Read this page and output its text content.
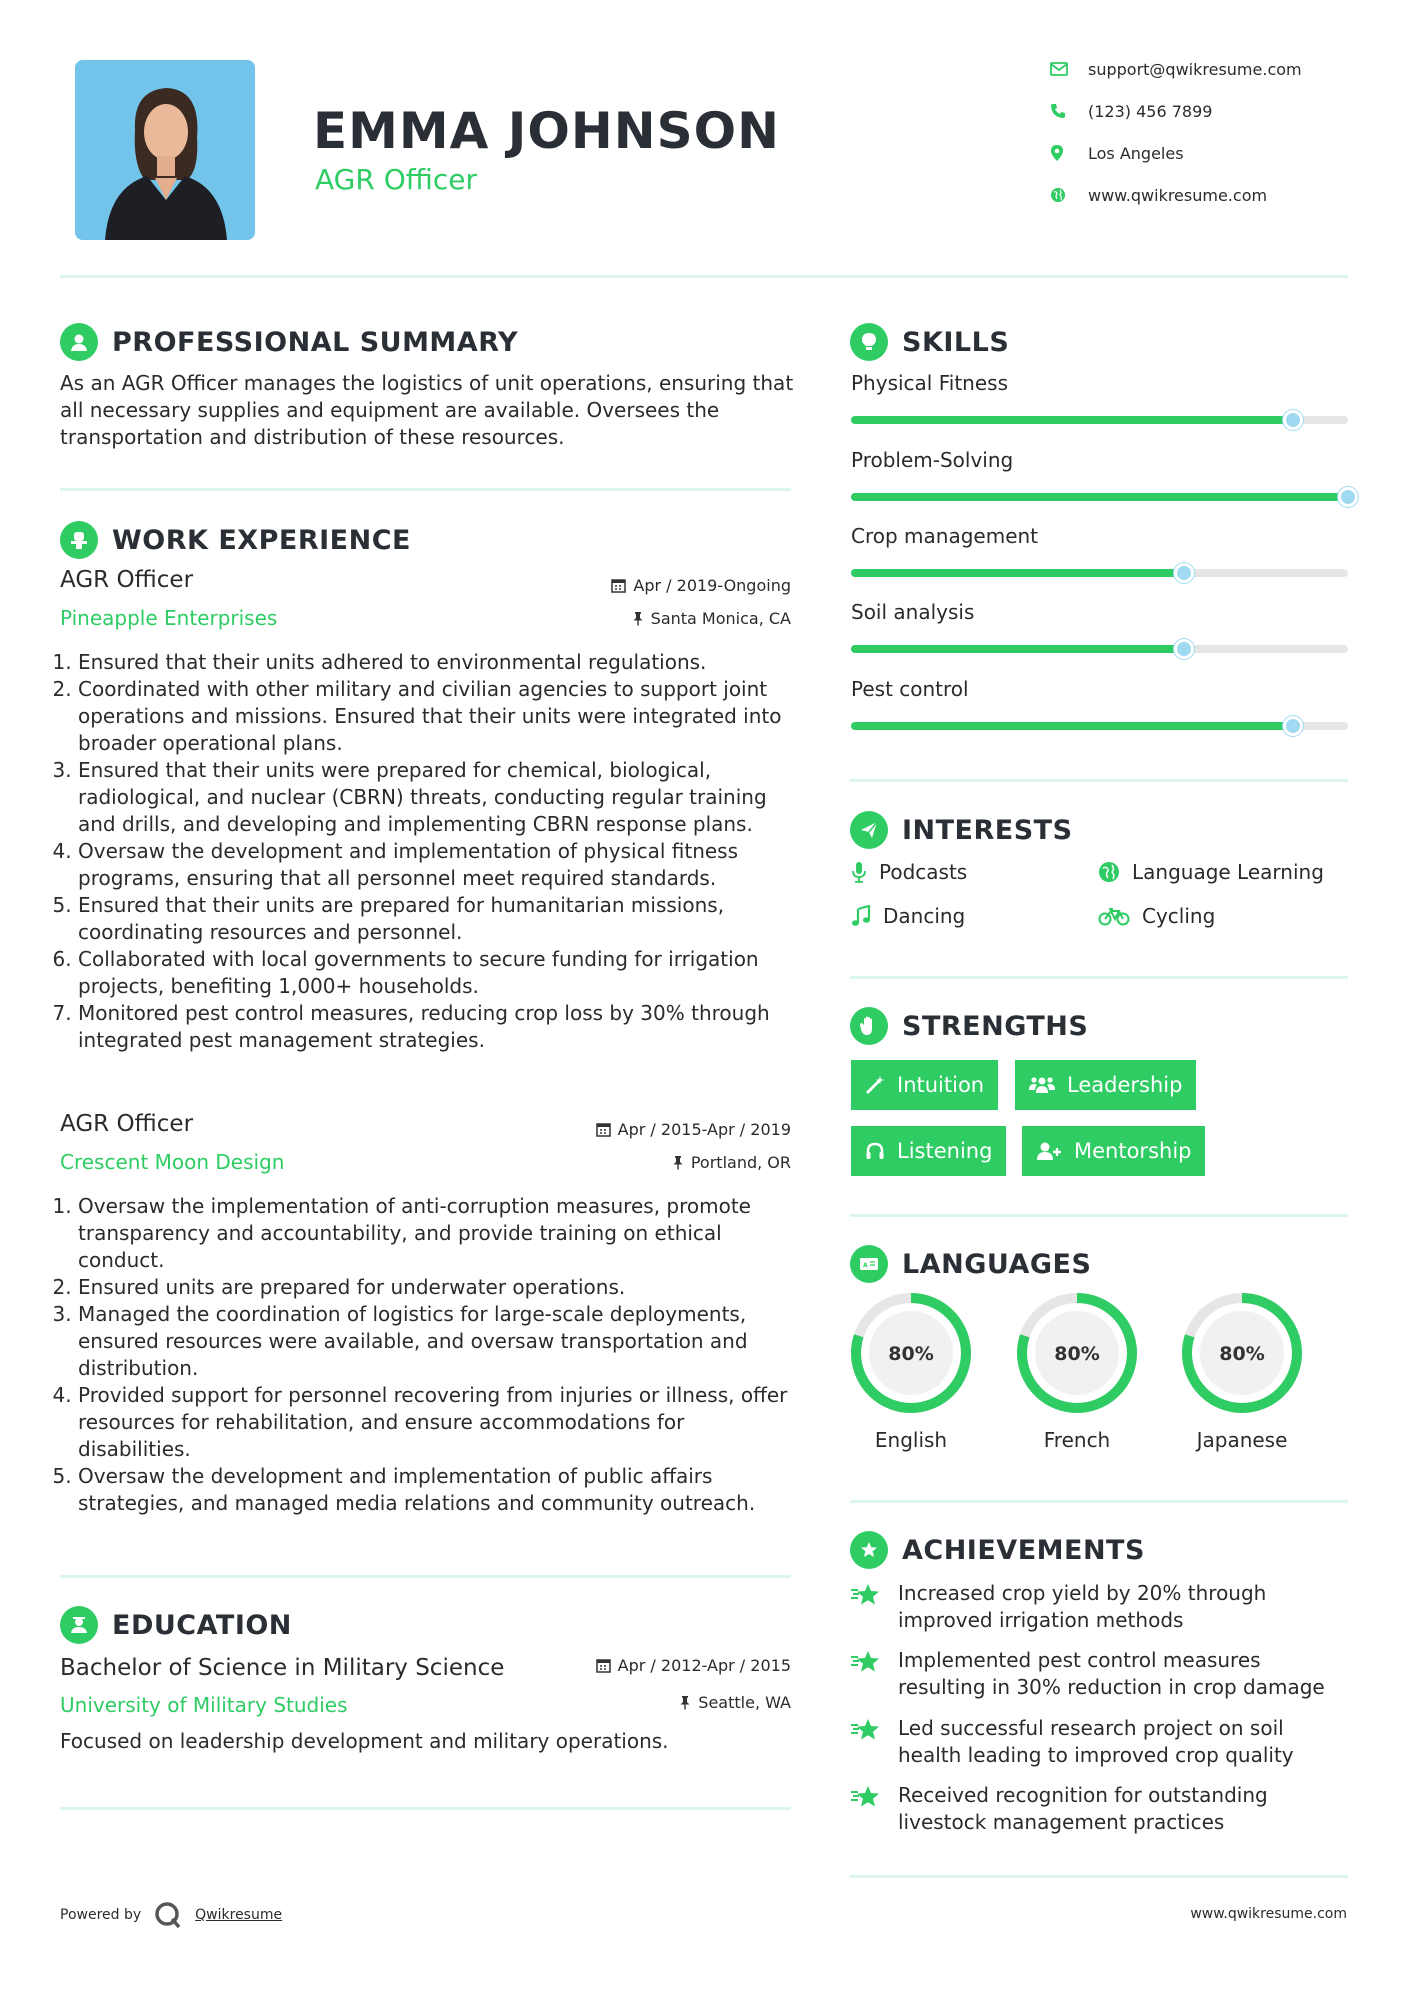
EMMA JOHNSON
AGR Officer
support@qwikresume.com
(123) 456 7899
Los Angeles
www.qwikresume.com
PROFESSIONAL SUMMARY
As an AGR Officer manages the logistics of unit operations, ensuring that all necessary supplies and equipment are available. Oversees the transportation and distribution of these resources.
WORK EXPERIENCE
AGR Officer	Apr / 2019-Ongoing
Pineapple Enterprises	Santa Monica, CA
1. Ensured that their units adhered to environmental regulations.
2. Coordinated with other military and civilian agencies to support joint operations and missions. Ensured that their units were integrated into broader operational plans.
3. Ensured that their units were prepared for chemical, biological, radiological, and nuclear (CBRN) threats, conducting regular training and drills, and developing and implementing CBRN response plans.
4. Oversaw the development and implementation of physical fitness programs, ensuring that all personnel meet required standards.
5. Ensured that their units are prepared for humanitarian missions, coordinating resources and personnel.
6. Collaborated with local governments to secure funding for irrigation projects, benefiting 1,000+ households.
7. Monitored pest control measures, reducing crop loss by 30% through integrated pest management strategies.
AGR Officer	Apr / 2015-Apr / 2019
Crescent Moon Design	Portland, OR
1. Oversaw the implementation of anti-corruption measures, promote transparency and accountability, and provide training on ethical conduct.
2. Ensured units are prepared for underwater operations.
3. Managed the coordination of logistics for large-scale deployments, ensured resources were available, and oversaw transportation and distribution.
4. Provided support for personnel recovering from injuries or illness, offer resources for rehabilitation, and ensure accommodations for disabilities.
5. Oversaw the development and implementation of public affairs strategies, and managed media relations and community outreach.
EDUCATION
Bachelor of Science in Military Science	Apr / 2012-Apr / 2015
University of Military Studies	Seattle, WA
Focused on leadership development and military operations.
SKILLS
Physical Fitness
Problem-Solving
Crop management
Soil analysis
Pest control
INTERESTS
Podcasts	Language Learning
Dancing	Cycling
STRENGTHS
Intuition	Leadership
Listening	Mentorship
A LANGUAGES
80%
English
80%
French
80%
Japanese
ACHIEVEMENTS
Increased crop yield by 20% through improved irrigation methods
Implemented pest control measures resulting in 30% reduction in crop damage
Led successful research project on soil health leading to improved crop quality
Received recognition for outstanding livestock management practices
Powered by	Qwikresume	www.qwikresume.com
